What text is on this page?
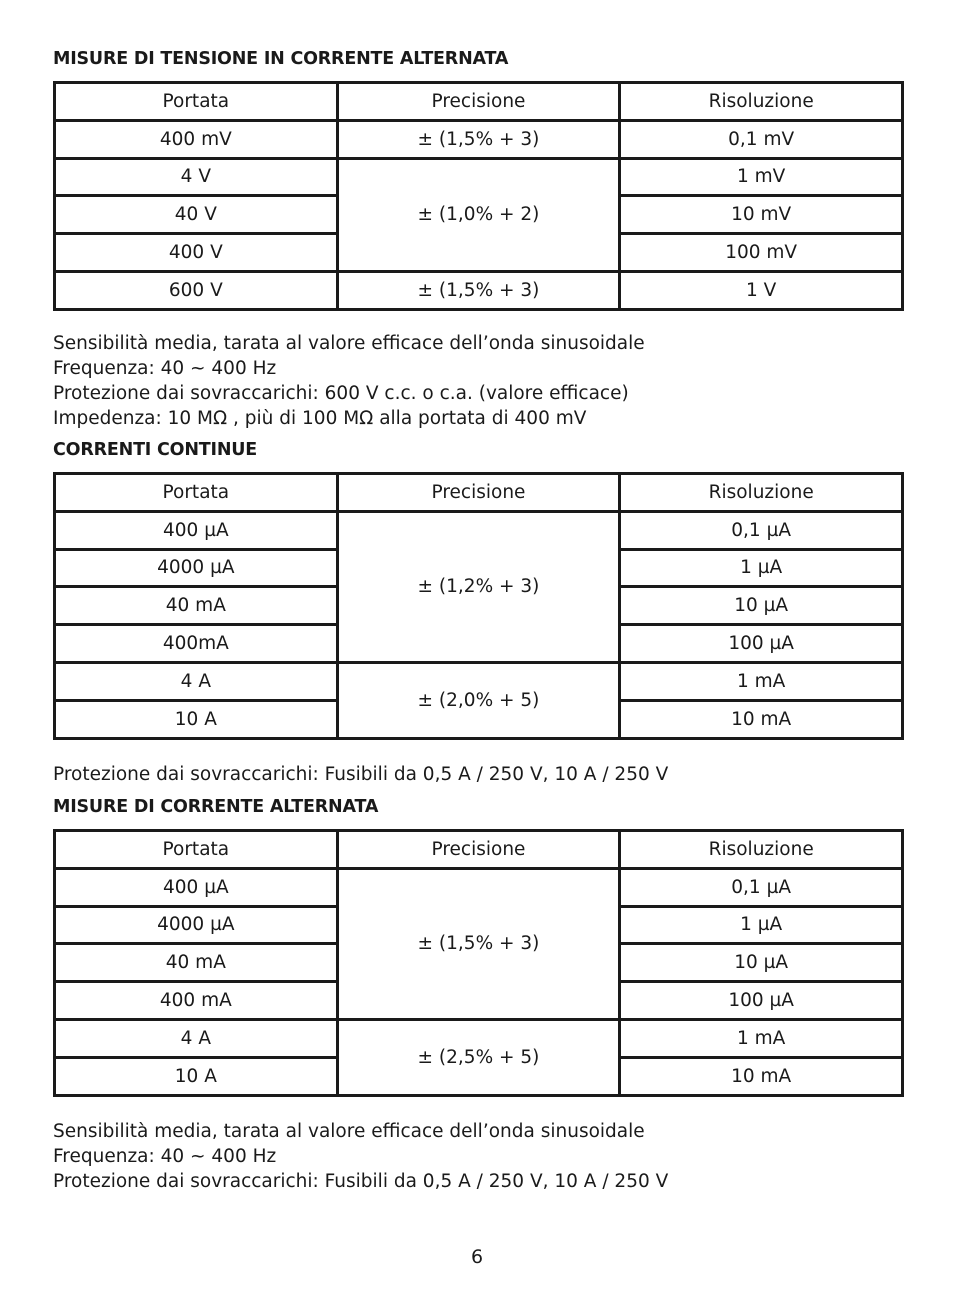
MISURE DI TENSIONE IN CORRENTE ALTERNATA
Portata	Precisione	Risoluzione
400 mV	± (1,5% + 3)	0,1 mV
4 V	± (1,0% + 2)	1 mV
40 V		10 mV
400 V		100 mV
600 V	± (1,5% + 3)	1 V
Sensibilità media, tarata al valore efficace dell’onda sinusoidale
Frequenza: 40 ~ 400 Hz
Protezione dai sovraccarichi: 600 V c.c. o c.a. (valore efficace)
Impedenza: 10 MΩ , più di 100 MΩ alla portata di 400 mV
CORRENTI CONTINUE
Portata	Precisione	Risoluzione
400 µA	± (1,2% + 3)	0,1 µA
4000 µA		1 µA
40 mA		10 µA
400mA		100 µA
4 A	± (2,0% + 5)	1 mA
10 A		10 mA
Protezione dai sovraccarichi: Fusibili da 0,5 A / 250 V, 10 A / 250 V
MISURE DI CORRENTE ALTERNATA
Portata	Precisione	Risoluzione
400 µA	± (1,5% + 3)	0,1 µA
4000 µA		1 µA
40 mA		10 µA
400 mA		100 µA
4 A	± (2,5% + 5)	1 mA
10 A		10 mA
Sensibilità media, tarata al valore efficace dell’onda sinusoidale
Frequenza: 40 ~ 400 Hz
Protezione dai sovraccarichi: Fusibili da 0,5 A / 250 V, 10 A / 250 V
6
